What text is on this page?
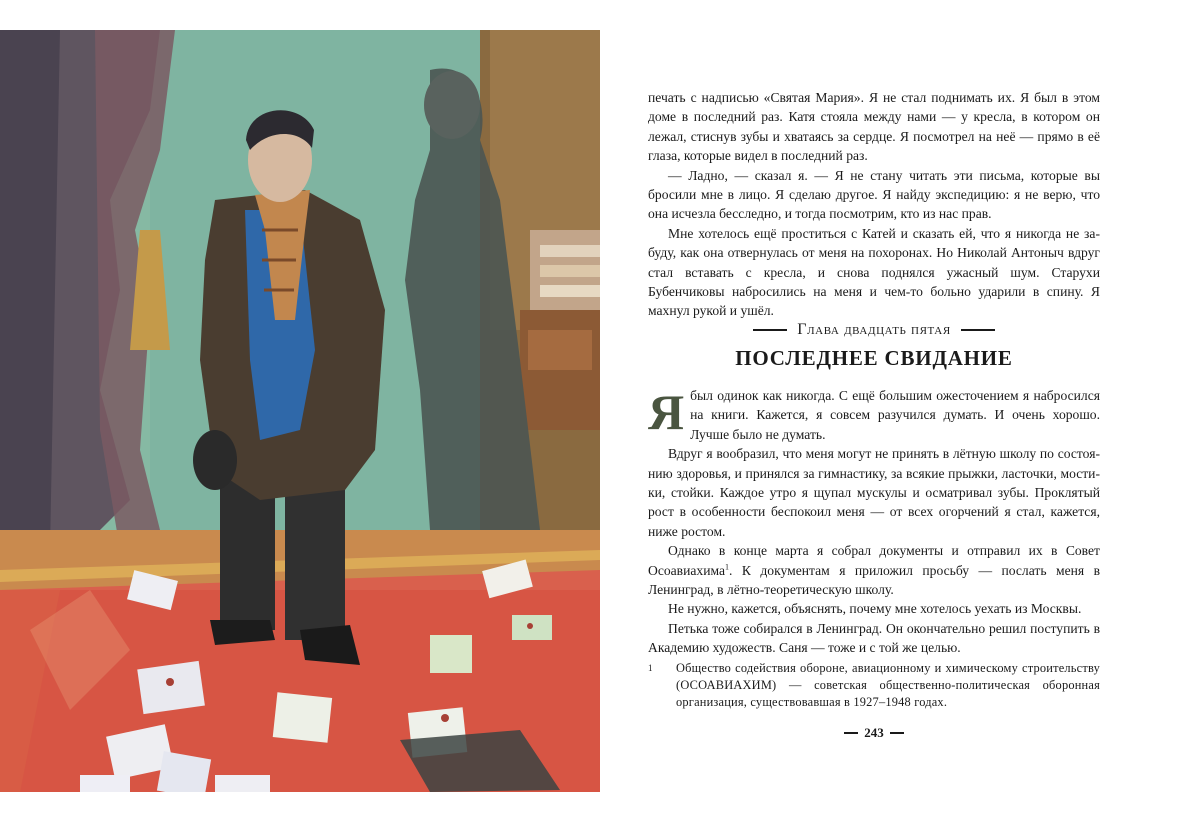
печать с надписью «Святая Мария». Я не стал поднимать их. Я был в этом доме в последний раз. Катя стояла между нами — у кресла, в котором он лежал, стиснув зубы и хватаясь за сердце. Я посмотрел на неё — прямо в её глаза, которые видел в последний раз.

— Ладно, — сказал я. — Я не стану читать эти письма, которые вы бросили мне в лицо. Я сделаю другое. Я найду экспедицию: я не верю, что она исчезла бесследно, и тогда посмотрим, кто из нас прав.

Мне хотелось ещё проститься с Катей и сказать ей, что я никогда не забуду, как она отвернулась от меня на похоронах. Но Николай Антоныч вдруг стал вставать с кресла, и снова поднялся ужасный шум. Старухи Бубенчиковы набросились на меня и чем-то больно ударили в спину. Я махнул рукой и ушёл.

Глава двадцать пятая
ПОСЛЕДНЕЕ СВИДАНИЕ

Я был одинок как никогда. С ещё большим ожесточением я набросился на книги. Кажется, я совсем разучился думать. И очень хорошо. Лучше было не думать.

Вдруг я вообразил, что меня могут не принять в лётную школу по состоянию здоровья, и принялся за гимнастику, за всякие прыжки, ласточки, мостики, стойки. Каждое утро я щупал мускулы и осматривал зубы. Проклятый рост в особенности беспокоил меня — от всех огорчений я стал, кажется, ниже ростом.

Однако в конце марта я собрал документы и отправил их в Совет Осоавиахима$^1$. К документам я приложил просьбу — послать меня в Ленинград, в лётно-теоретическую школу.

Не нужно, кажется, объяснять, почему мне хотелось уехать из Москвы.

Петька тоже собирался в Ленинград. Он окончательно решил поступить в Академию художеств. Саня — тоже и с той же целью.

1 Общество содействия обороне, авиационному и химическому строительству (ОСОАВИАХИМ) — советская общественно-политическая оборонная организация, существовавшая в 1927–1948 годах.
243
